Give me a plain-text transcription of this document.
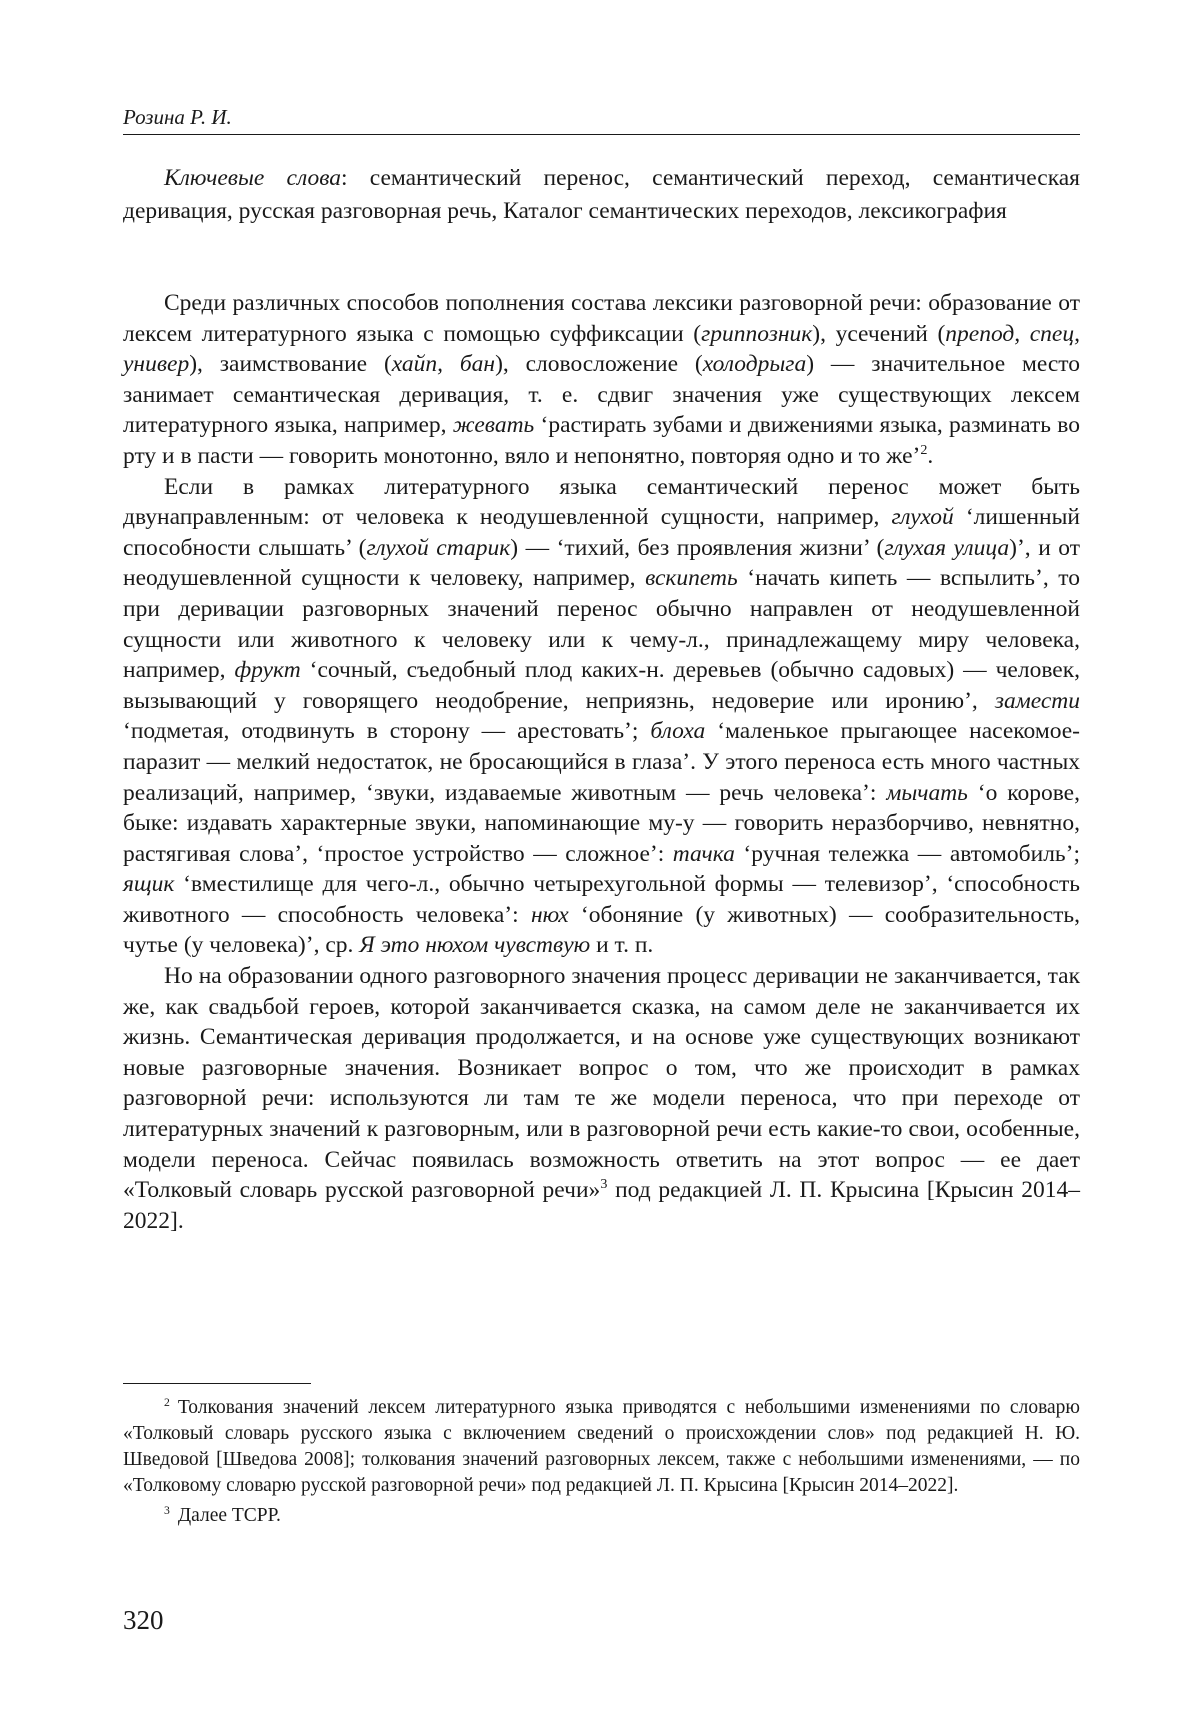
Розина Р. И.

Ключевые слова: семантический перенос, семантический переход, семантическая деривация, русская разговорная речь, Каталог семантических переходов, лексикография

Среди различных способов пополнения состава лексики разговорной речи: образование от лексем литературного языка с помощью суффиксации (гриппозник), усечений (препод, спец, универ), заимствование (хайп, бан), словосложение (холодрыга) — значительное место занимает семантическая деривация, т. е. сдвиг значения уже существующих лексем литературного языка, например, жевать ‘растирать зубами и движениями языка, разминать во рту и в пасти — говорить монотонно, вяло и непонятно, повторяя одно и то же’$^2$.

Если в рамках литературного языка семантический перенос может быть двунаправленным: от человека к неодушевленной сущности, например, глухой ‘лишенный способности слышать’ (глухой старик) — ‘тихий, без проявления жизни’ (глухая улица)’, и от неодушевленной сущности к человеку, например, вскипеть ‘начать кипеть — вспылить’, то при деривации разговорных значений перенос обычно направлен от неодушевленной сущности или животного к человеку или к чему-л., принадлежащему миру человека, например, фрукт ‘сочный, съедобный плод каких-н. деревьев (обычно садовых) — человек, вызывающий у говорящего неодобрение, неприязнь, недоверие или иронию’, замести ‘подметая, отодвинуть в сторону — арестовать’; блоха ‘маленькое прыгающее насекомое-паразит — мелкий недостаток, не бросающийся в глаза’. У этого переноса есть много частных реализаций, например, ‘звуки, издаваемые животным — речь человека’: мычать ‘о корове, быке: издавать характерные звуки, напоминающие му-у — говорить неразборчиво, невнятно, растягивая слова’, ‘простое устройство — сложное’: тачка ‘ручная тележка — автомобиль’; ящик ‘вместилище для чего-л., обычно четырехугольной формы — телевизор’, ‘способность животного — способность человека’: нюх ‘обоняние (у животных) — сообразительность, чутье (у человека)’, ср. Я это нюхом чувствую и т. п.

Но на образовании одного разговорного значения процесс деривации не заканчивается, так же, как свадьбой героев, которой заканчивается сказка, на самом деле не заканчивается их жизнь. Семантическая деривация продолжается, и на основе уже существующих возникают новые разговорные значения. Возникает вопрос о том, что же происходит в рамках разговорной речи: используются ли там те же модели переноса, что при переходе от литературных значений к разговорным, или в разговорной речи есть какие-то свои, особенные, модели переноса. Сейчас появилась возможность ответить на этот вопрос — ее дает «Толковый словарь русской разговорной речи»$^3$ под редакцией Л. П. Крысина [Крысин 2014–2022].

$^2$ Толкования значений лексем литературного языка приводятся с небольшими изменениями по словарю «Толковый словарь русского языка с включением сведений о происхождении слов» под редакцией Н. Ю. Шведовой [Шведова 2008]; толкования значений разговорных лексем, также с небольшими изменениями, — по «Толковому словарю русской разговорной речи» под редакцией Л. П. Крысина [Крысин 2014–2022].

$^3$ Далее ТСРР.

320
